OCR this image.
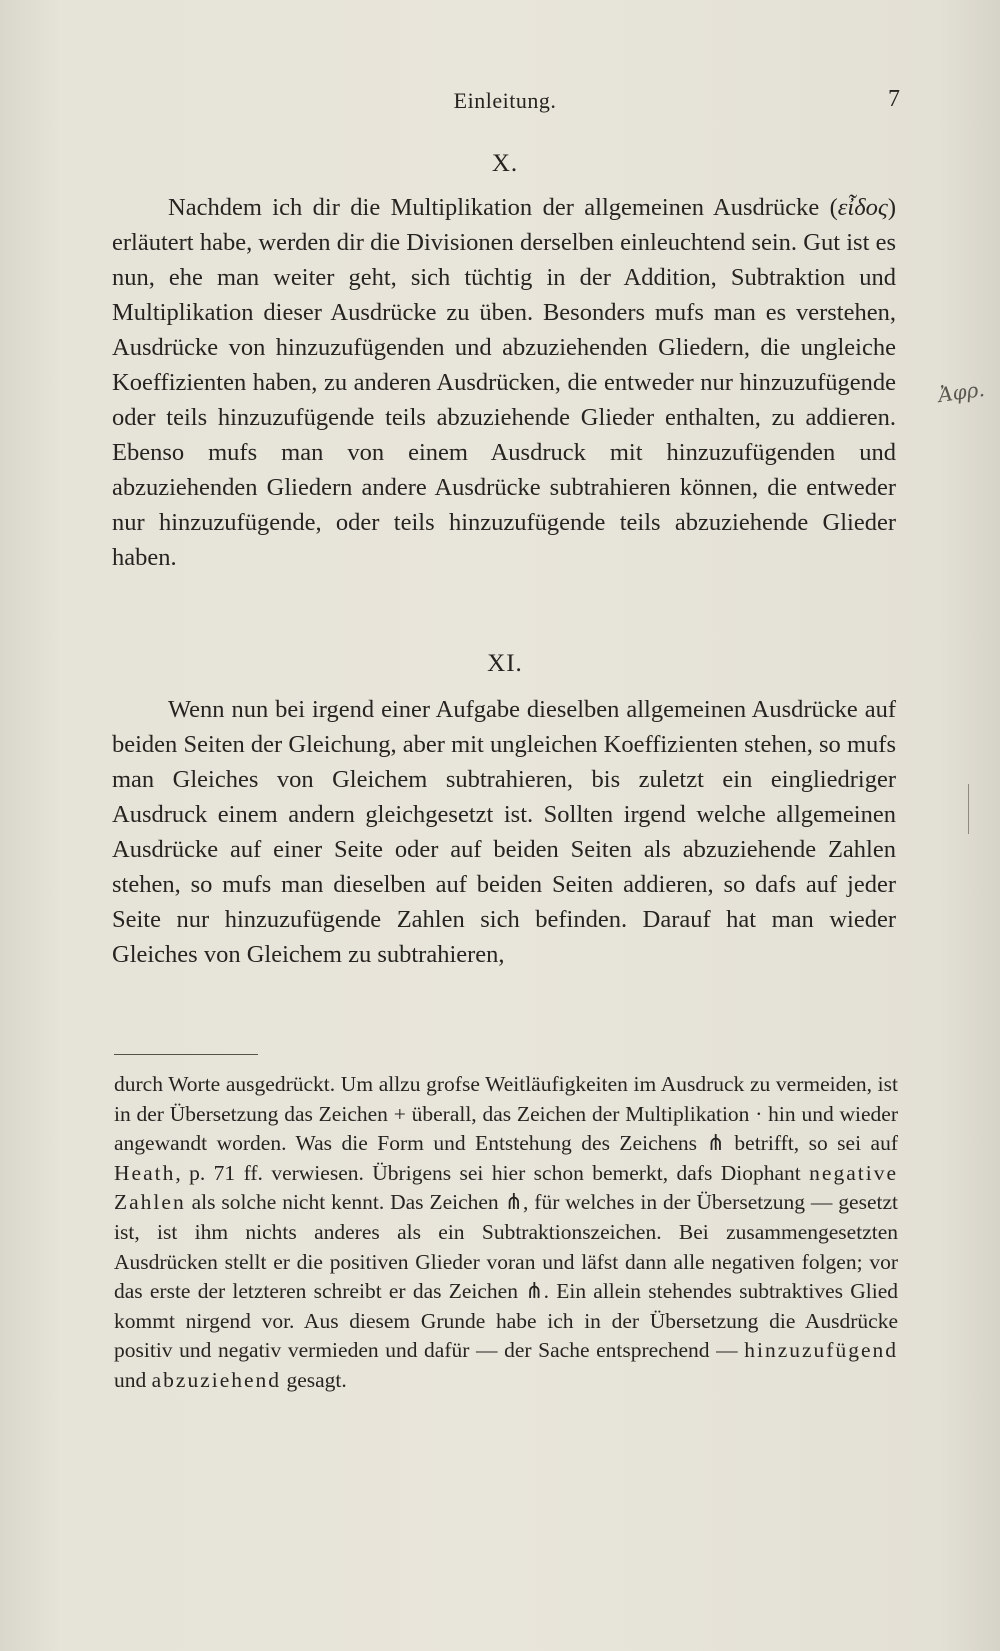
Einleitung.	7
X.

Nachdem ich dir die Multiplikation der allgemeinen Ausdrücke (εἶδος) erläutert habe, werden dir die Divisionen derselben einleuchtend sein. Gut ist es nun, ehe man weiter geht, sich tüchtig in der Addition, Subtraktion und Multiplikation dieser Ausdrücke zu üben. Besonders mufs man es verstehen, Ausdrücke von hinzuzufügenden und abzuziehenden Gliedern, die ungleiche Koeffizienten haben, zu anderen Ausdrücken, die entweder nur hinzuzufügende oder teils hinzuzufügende teils abzuziehende Glieder enthalten, zu addieren. Ebenso mufs man von einem Ausdruck mit hinzuzufügenden und abzuziehenden Gliedern andere Ausdrücke subtrahieren können, die entweder nur hinzuzufügende, oder teils hinzuzufügende teils abzuziehende Glieder haben.

XI.

Wenn nun bei irgend einer Aufgabe dieselben allgemeinen Ausdrücke auf beiden Seiten der Gleichung, aber mit ungleichen Koeffizienten stehen, so mufs man Gleiches von Gleichem subtrahieren, bis zuletzt ein eingliedriger Ausdruck einem andern gleichgesetzt ist. Sollten irgend welche allgemeinen Ausdrücke auf einer Seite oder auf beiden Seiten als abzuziehende Zahlen stehen, so mufs man dieselben auf beiden Seiten addieren, so dafs auf jeder Seite nur hinzuzufügende Zahlen sich befinden. Darauf hat man wieder Gleiches von Gleichem zu subtrahieren,

durch Worte ausgedrückt. Um allzu grofse Weitläufigkeiten im Ausdruck zu vermeiden, ist in der Übersetzung das Zeichen + überall, das Zeichen der Multiplikation · hin und wieder angewandt worden. Was die Form und Entstehung des Zeichens ⋔ betrifft, so sei auf Heath, p. 71 ff. verwiesen. Übrigens sei hier schon bemerkt, dafs Diophant negative Zahlen als solche nicht kennt. Das Zeichen ⋔, für welches in der Übersetzung — gesetzt ist, ist ihm nichts anderes als ein Subtraktionszeichen. Bei zusammengesetzten Ausdrücken stellt er die positiven Glieder voran und läfst dann alle negativen folgen; vor das erste der letzteren schreibt er das Zeichen ⋔. Ein allein stehendes subtraktives Glied kommt nirgend vor. Aus diesem Grunde habe ich in der Übersetzung die Ausdrücke positiv und negativ vermieden und dafür — der Sache entsprechend — hinzuzufügend und abzuziehend gesagt.

Ἀφρ.
